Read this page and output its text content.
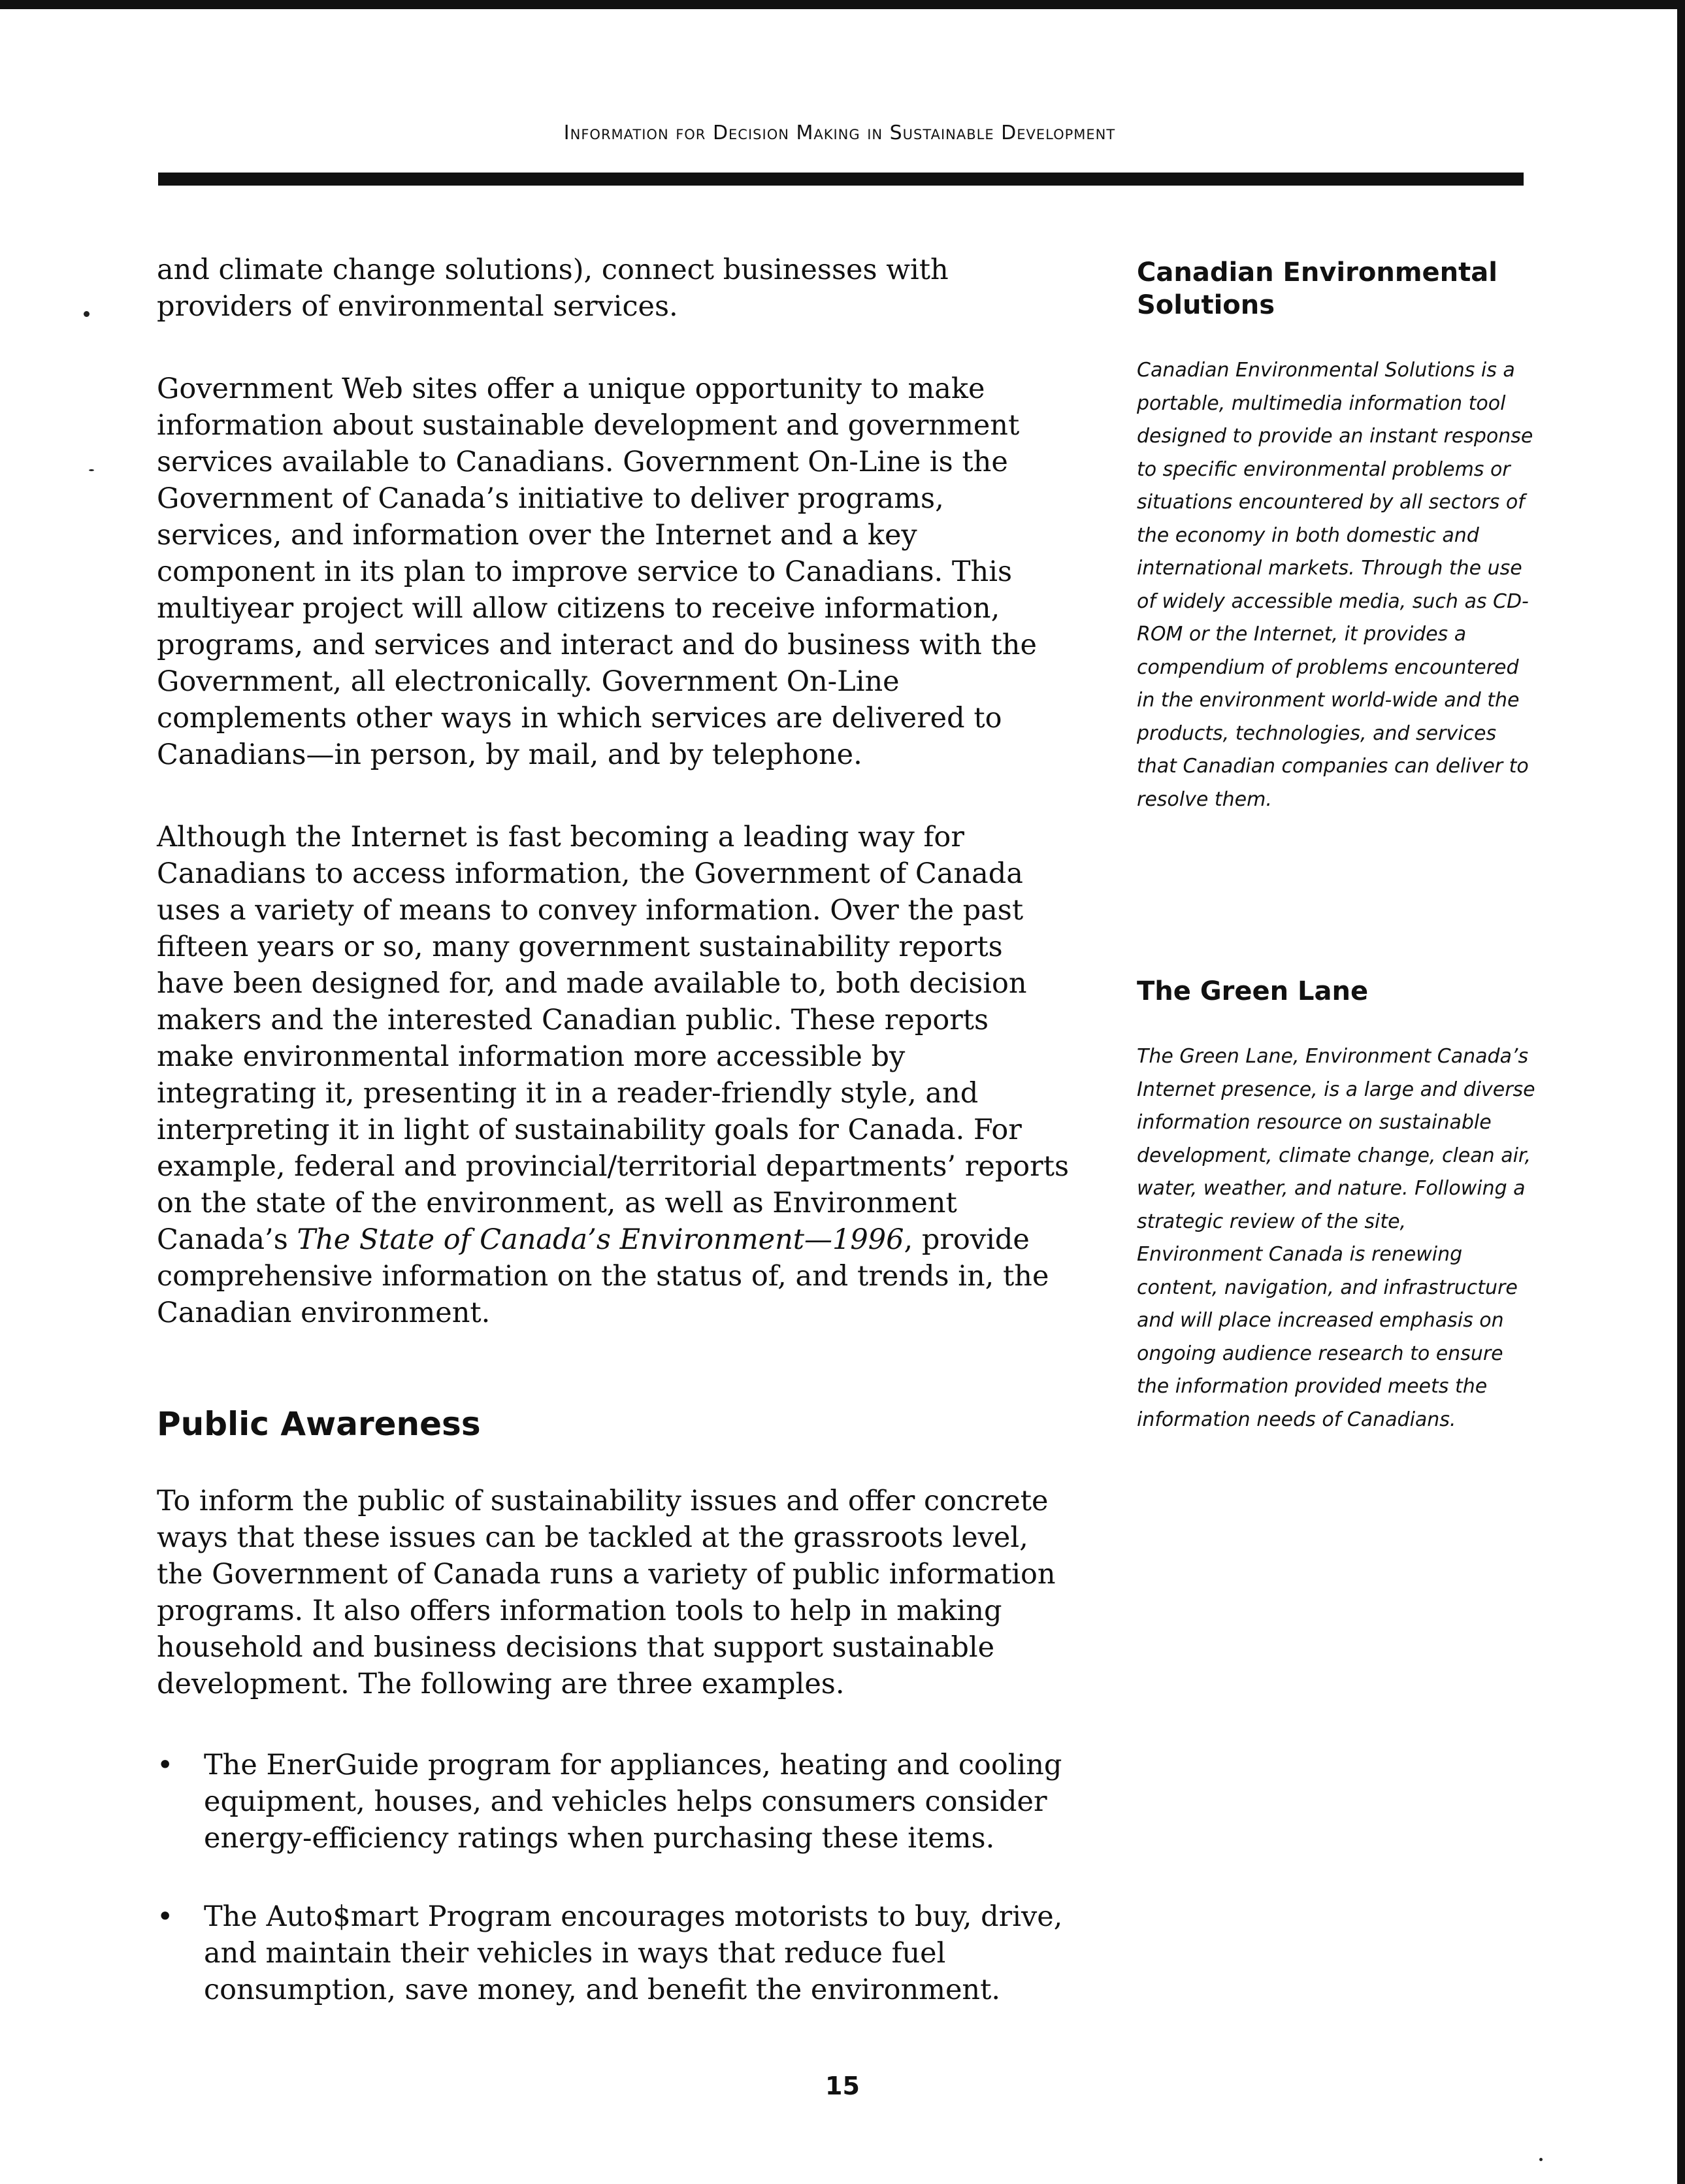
Information for Decision Making in Sustainable Development

and climate change solutions), connect businesses with providers of environmental services.

Government Web sites offer a unique opportunity to make information about sustainable development and government services available to Canadians. Government On-Line is the Government of Canada’s initiative to deliver programs, services, and information over the Internet and a key component in its plan to improve service to Canadians. This multiyear project will allow citizens to receive information, programs, and services and interact and do business with the Government, all electronically. Government On-Line complements other ways in which services are delivered to Canadians—in person, by mail, and by telephone.

Although the Internet is fast becoming a leading way for Canadians to access information, the Government of Canada uses a variety of means to convey information. Over the past fifteen years or so, many government sustainability reports have been designed for, and made available to, both decision makers and the interested Canadian public. These reports make environmental information more accessible by integrating it, presenting it in a reader-friendly style, and interpreting it in light of sustainability goals for Canada. For example, federal and provincial/territorial departments’ reports on the state of the environment, as well as Environment Canada’s The State of Canada’s Environment—1996, provide comprehensive information on the status of, and trends in, the Canadian environment.

Public Awareness

To inform the public of sustainability issues and offer concrete ways that these issues can be tackled at the grassroots level, the Government of Canada runs a variety of public information programs. It also offers information tools to help in making household and business decisions that support sustainable development. The following are three examples.

• The EnerGuide program for appliances, heating and cooling equipment, houses, and vehicles helps consumers consider energy-efficiency ratings when purchasing these items.
• The Auto$mart Program encourages motorists to buy, drive, and maintain their vehicles in ways that reduce fuel consumption, save money, and benefit the environment.
Canadian Environmental Solutions

Canadian Environmental Solutions is a portable, multimedia information tool designed to provide an instant response to specific environmental problems or situations encountered by all sectors of the economy in both domestic and international markets. Through the use of widely accessible media, such as CD-ROM or the Internet, it provides a compendium of problems encountered in the environment world-wide and the products, technologies, and services that Canadian companies can deliver to resolve them.

The Green Lane

The Green Lane, Environment Canada’s Internet presence, is a large and diverse information resource on sustainable development, climate change, clean air, water, weather, and nature. Following a strategic review of the site, Environment Canada is renewing content, navigation, and infrastructure and will place increased emphasis on ongoing audience research to ensure the information provided meets the information needs of Canadians.

15
